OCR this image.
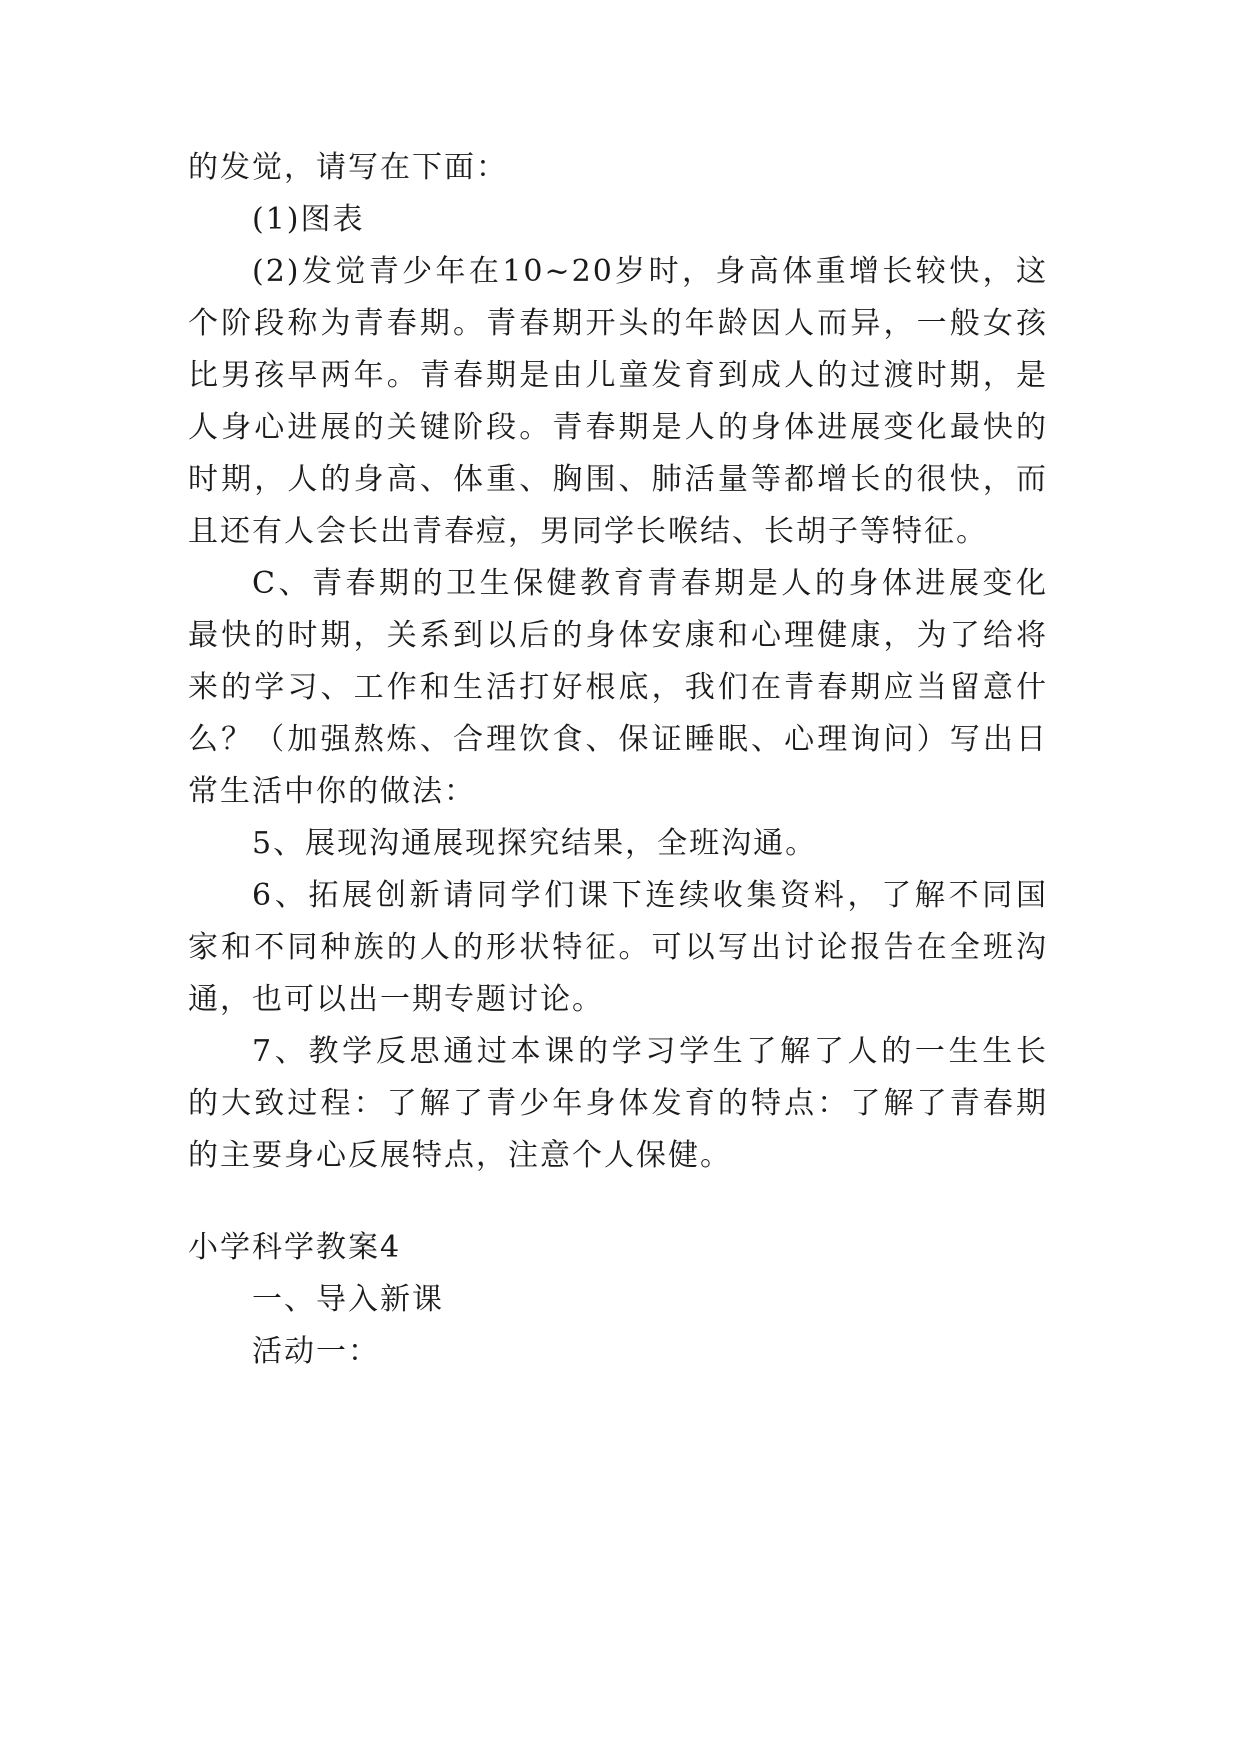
的发觉，请写在下面：
(1)图表
(2)发觉青少年在10~20岁时，身高体重增长较快，这
个阶段称为青春期。青春期开头的年龄因人而异，一般女孩
比男孩早两年。青春期是由儿童发育到成人的过渡时期，是
人身心进展的关键阶段。青春期是人的身体进展变化最快的
时期，人的身高、体重、胸围、肺活量等都增长的很快，而
且还有人会长出青春痘，男同学长喉结、长胡子等特征。
C、青春期的卫生保健教育青春期是人的身体进展变化
最快的时期，关系到以后的身体安康和心理健康，为了给将
来的学习、工作和生活打好根底，我们在青春期应当留意什
么？（加强熬炼、合理饮食、保证睡眠、心理询问）写出日
常生活中你的做法：
5、展现沟通展现探究结果，全班沟通。
6、拓展创新请同学们课下连续收集资料，了解不同国
家和不同种族的人的形状特征。可以写出讨论报告在全班沟
通，也可以出一期专题讨论。
7、教学反思通过本课的学习学生了解了人的一生生长
的大致过程：了解了青少年身体发育的特点：了解了青春期
的主要身心反展特点，注意个人保健。
小学科学教案4
一、导入新课
活动一：
